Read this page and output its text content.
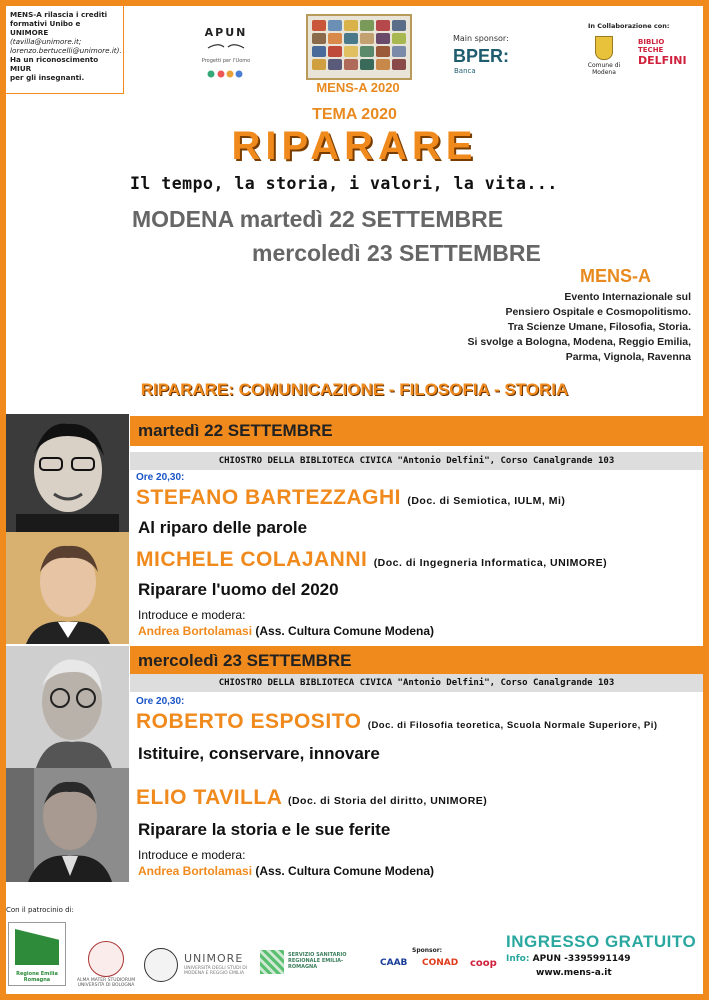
MENS-A rilascia i crediti
formativi Unibo e UNIMORE
(tavilla@unimore.it;
lorenzo.bertucelli@unimore.it).
Ha un riconoscimento MIUR
per gli insegnanti.
APUN
Progetti per l'Uomo
MENS-A 2020
Main sponsor:
BPER:
Banca
In Collaborazione con:
Comune di Modena
BIBLIO
TECHE
DELFINI
TEMA 2020
RIPARARE
Il tempo, la storia, i valori, la vita...
MODENA martedì 22 SETTEMBRE
mercoledì 23 SETTEMBRE
MENS-A
Evento Internazionale sul
Pensiero Ospitale e Cosmopolitismo.
Tra Scienze Umane, Filosofia, Storia.
Si svolge a Bologna, Modena, Reggio Emilia,
Parma, Vignola, Ravenna
RIPARARE: COMUNICAZIONE - FILOSOFIA - STORIA
martedì 22 SETTEMBRE
CHIOSTRO DELLA BIBLIOTECA CIVICA "Antonio Delfini", Corso Canalgrande 103
Ore 20,30:
STEFANO BARTEZZAGHI (Doc. di Semiotica, IULM, Mi)
Al riparo delle parole
MICHELE COLAJANNI (Doc. di Ingegneria Informatica, UNIMORE)
Riparare l'uomo del 2020
Introduce e modera:
Andrea Bortolamasi (Ass. Cultura Comune Modena)
mercoledì 23 SETTEMBRE
CHIOSTRO DELLA BIBLIOTECA CIVICA "Antonio Delfini", Corso Canalgrande 103
Ore 20,30:
ROBERTO ESPOSITO (Doc. di Filosofia teoretica, Scuola Normale Superiore, Pi)
Istituire, conservare, innovare
ELIO TAVILLA (Doc. di Storia del diritto, UNIMORE)
Riparare la storia e le sue ferite
Introduce e modera:
Andrea Bortolamasi (Ass. Cultura Comune Modena)
Con il patrocinio di:
Regione Emilia Romagna	ALMA MATER STUDIORUM UNIVERSITÀ DI BOLOGNA
UNIMORE
UNIVERSITÀ DEGLI STUDI DI MODENA E REGGIO EMILIA
SERVIZIO SANITARIO REGIONALE EMILIA-ROMAGNA
Sponsor:
CAAB CONAD coop
INGRESSO GRATUITO
Info: APUN -3395991149
www.mens-a.it
